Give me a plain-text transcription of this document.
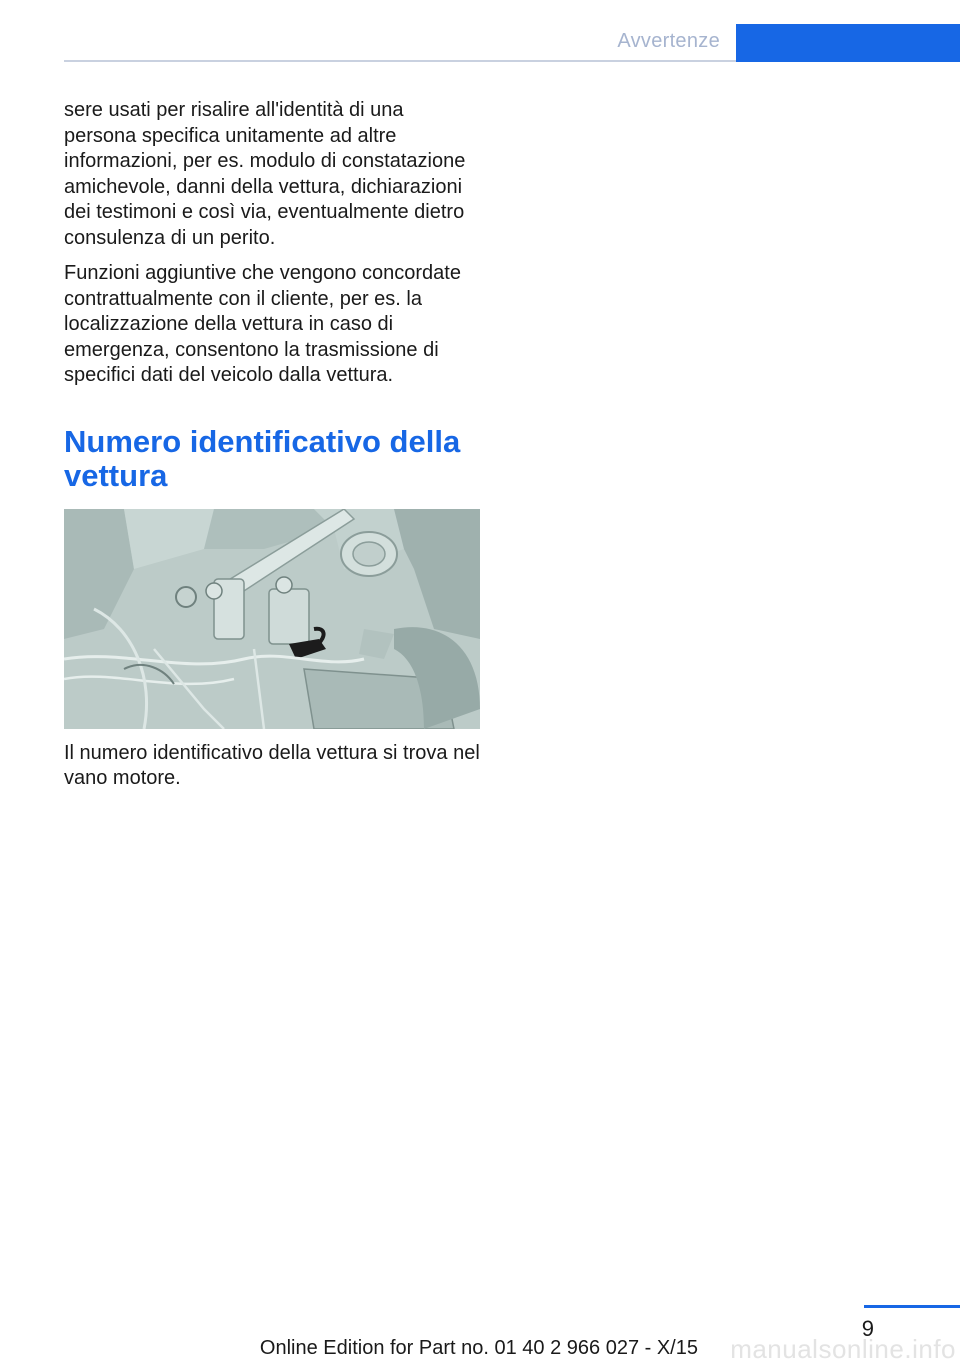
Avvertenze

sere usati per risalire all'identità di una persona specifica unitamente ad altre informazioni, per es. modulo di constatazione amichevole, danni della vettura, dichiarazioni dei testimoni e così via, eventualmente dietro consulenza di un perito.

Funzioni aggiuntive che vengono concordate contrattualmente con il cliente, per es. la localizzazione della vettura in caso di emergenza, consentono la trasmissione di specifici dati del veicolo dalla vettura.

Numero identificativo della vettura

Il numero identificativo della vettura si trova nel vano motore.

9
manualsonline.info
Online Edition for Part no. 01 40 2 966 027 - X/15
